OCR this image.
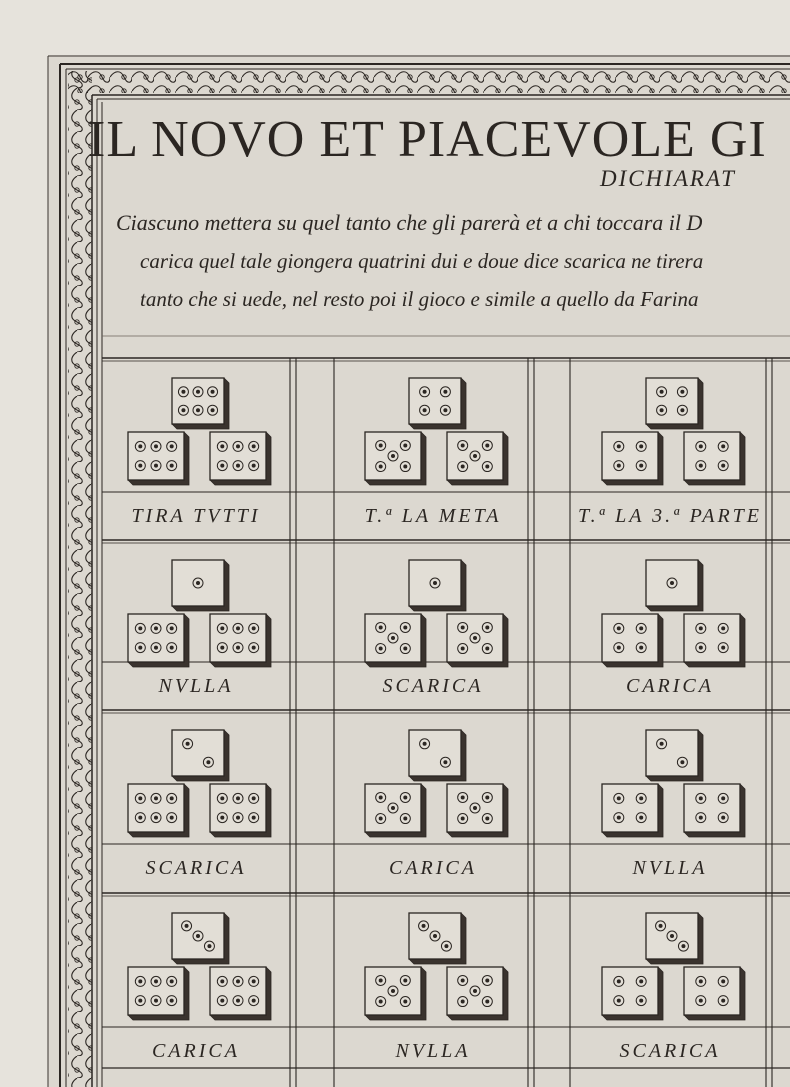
IL NOVO ET PIACEVOLE GI
DICHIARAT
Ciascuno mettera su quel tanto che gli parerà et a chi toccara il D
carica quel tale giongera quatrini dui e doue dice scarica ne tirera
tanto che si uede, nel resto poi il gioco e simile a quello da Farina
TIRA TVTTI	T.ª LA META	T.ª LA 3.ª PARTE
NVLLA	SCARICA	CARICA
SCARICA	CARICA	NVLLA
CARICA	NVLLA	SCARICA
